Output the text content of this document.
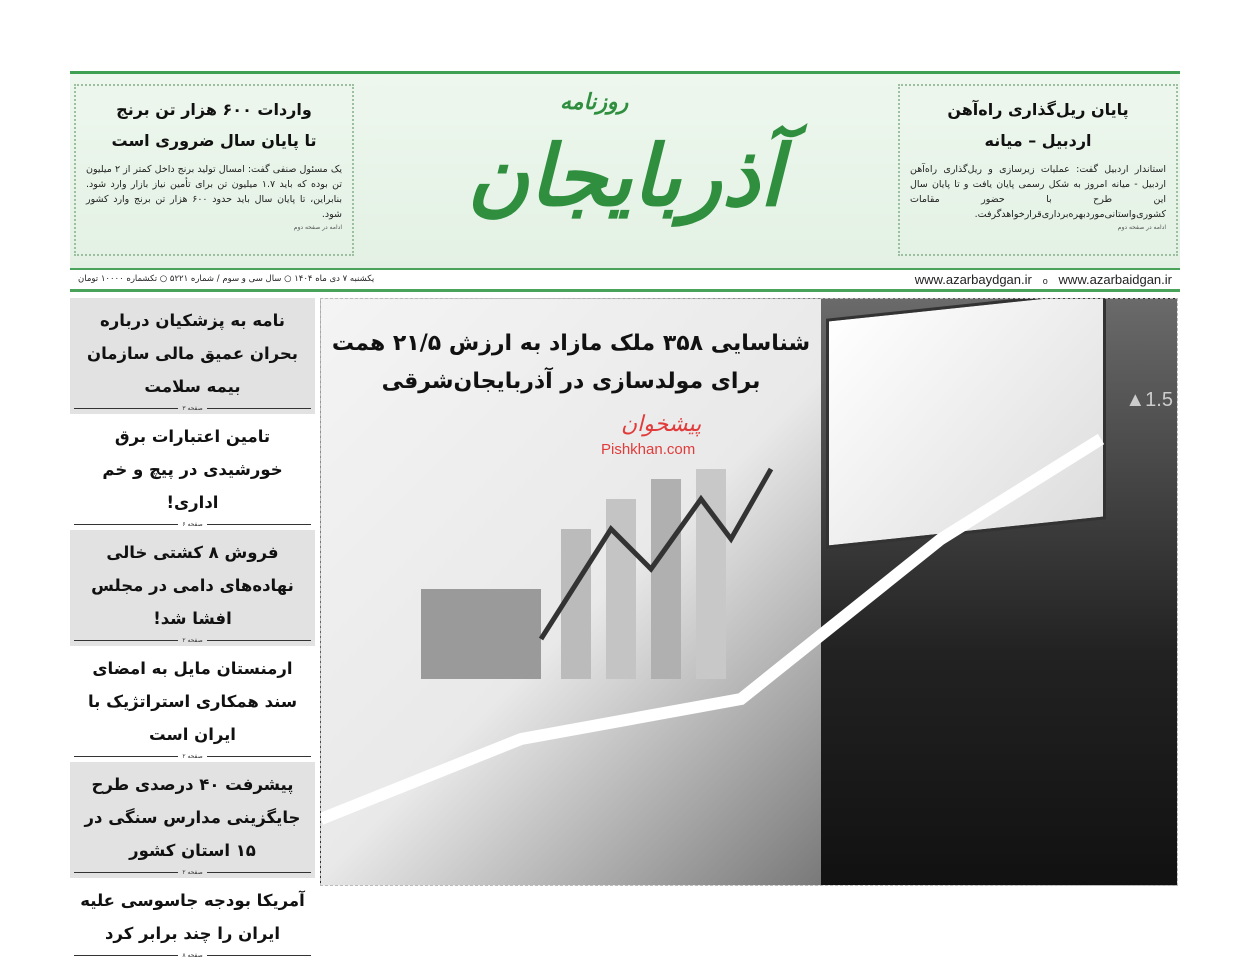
واردات ۶۰۰ هزار تن برنج
تا پایان سال ضروری است

یک مسئول صنفی گفت: امسال تولید برنج داخل کمتر از ۲ میلیون تن بوده که باید ۱.۷ میلیون تن برای تأمین نیاز بازار وارد شود. بنابراین، تا پایان سال باید حدود ۶۰۰ هزار تن برنج وارد کشور شود.

ادامه در صفحه دوم
روزنامه
آذربایجان
پایان ریل‌گذاری راه‌آهن
اردبیل – میانه

استاندار اردبیل گفت: عملیات زیرسازی و ریل‌گذاری راه‌آهن اردبیل - میانه امروز به شکل رسمی پایان یافت و تا پایان سال این طرح با حضور مقامات کشوری‌واستانی‌مورد‌بهره‌برداری‌قرار‌خواهد‌گرفت.

ادامه در صفحه دوم
یکشنبه ۷ دی ماه ۱۴۰۴ ○ سال سی و سوم / شماره ۵۲۲۱ ○ تکشماره ۱۰۰۰۰ تومان	www.azarbaydgan.ir o www.azarbaidgan.ir
نامه به پزشکیان درباره بحران عمیق مالی سازمان بیمه سلامت
صفحه ۳
تامین اعتبارات برق خورشیدی در پیچ و خم اداری!
صفحه ۶
فروش ۸ کشتی خالی نهاده‌های دامی در مجلس افشا شد!
صفحه ۲
ارمنستان مایل به امضای سند همکاری استراتژیک با ایران است
صفحه ۲
پیشرفت ۴۰ درصدی طرح جایگزینی مدارس سنگی در ۱۵ استان کشور
صفحه ۲
آمریکا بودجه جاسوسی علیه ایران را چند برابر کرد
صفحه ۸
▲1.5
شناسایی ۳۵۸ ملک مازاد به ارزش ۲۱/۵ همت
برای مولدسازی در آذربایجان‌شرقی
پیشخوان
Pishkhan.com
